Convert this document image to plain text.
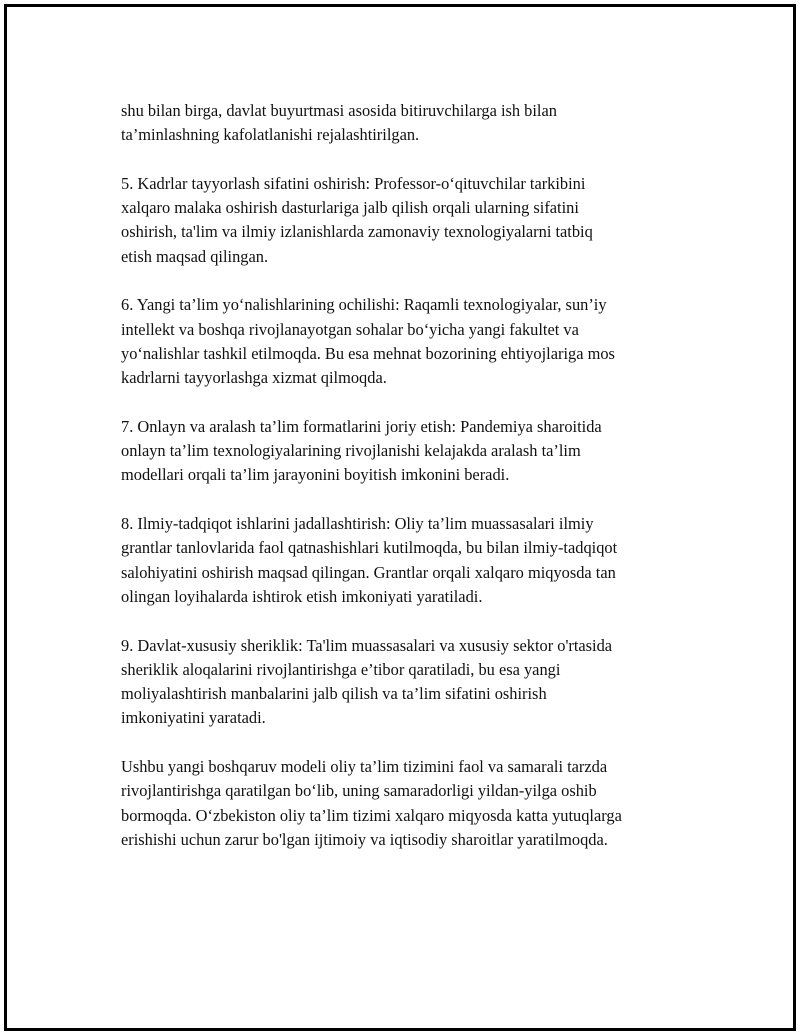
shu bilan birga, davlat buyurtmasi asosida bitiruvchilarga ish bilan
ta’minlashning kafolatlanishi rejalashtirilgan.

5. Kadrlar tayyorlash sifatini oshirish: Professor-o‘qituvchilar tarkibini
xalqaro malaka oshirish dasturlariga jalb qilish orqali ularning sifatini
oshirish, ta'lim va ilmiy izlanishlarda zamonaviy texnologiyalarni tatbiq
etish maqsad qilingan.

6. Yangi ta’lim yo‘nalishlarining ochilishi: Raqamli texnologiyalar, sun’iy
intellekt va boshqa rivojlanayotgan sohalar bo‘yicha yangi fakultet va
yo‘nalishlar tashkil etilmoqda. Bu esa mehnat bozorining ehtiyojlariga mos
kadrlarni tayyorlashga xizmat qilmoqda.

7. Onlayn va aralash ta’lim formatlarini joriy etish: Pandemiya sharoitida
onlayn ta’lim texnologiyalarining rivojlanishi kelajakda aralash ta’lim
modellari orqali ta’lim jarayonini boyitish imkonini beradi.

8. Ilmiy-tadqiqot ishlarini jadallashtirish: Oliy ta’lim muassasalari ilmiy
grantlar tanlovlarida faol qatnashishlari kutilmoqda, bu bilan ilmiy-tadqiqot
salohiyatini oshirish maqsad qilingan. Grantlar orqali xalqaro miqyosda tan
olingan loyihalarda ishtirok etish imkoniyati yaratiladi.

9. Davlat-xususiy sheriklik: Ta'lim muassasalari va xususiy sektor o'rtasida
sheriklik aloqalarini rivojlantirishga e’tibor qaratiladi, bu esa yangi
moliyalashtirish manbalarini jalb qilish va ta’lim sifatini oshirish
imkoniyatini yaratadi.

Ushbu yangi boshqaruv modeli oliy ta’lim tizimini faol va samarali tarzda
rivojlantirishga qaratilgan bo‘lib, uning samaradorligi yildan-yilga oshib
bormoqda. O‘zbekiston oliy ta’lim tizimi xalqaro miqyosda katta yutuqlarga
erishishi uchun zarur bo'lgan ijtimoiy va iqtisodiy sharoitlar yaratilmoqda.
